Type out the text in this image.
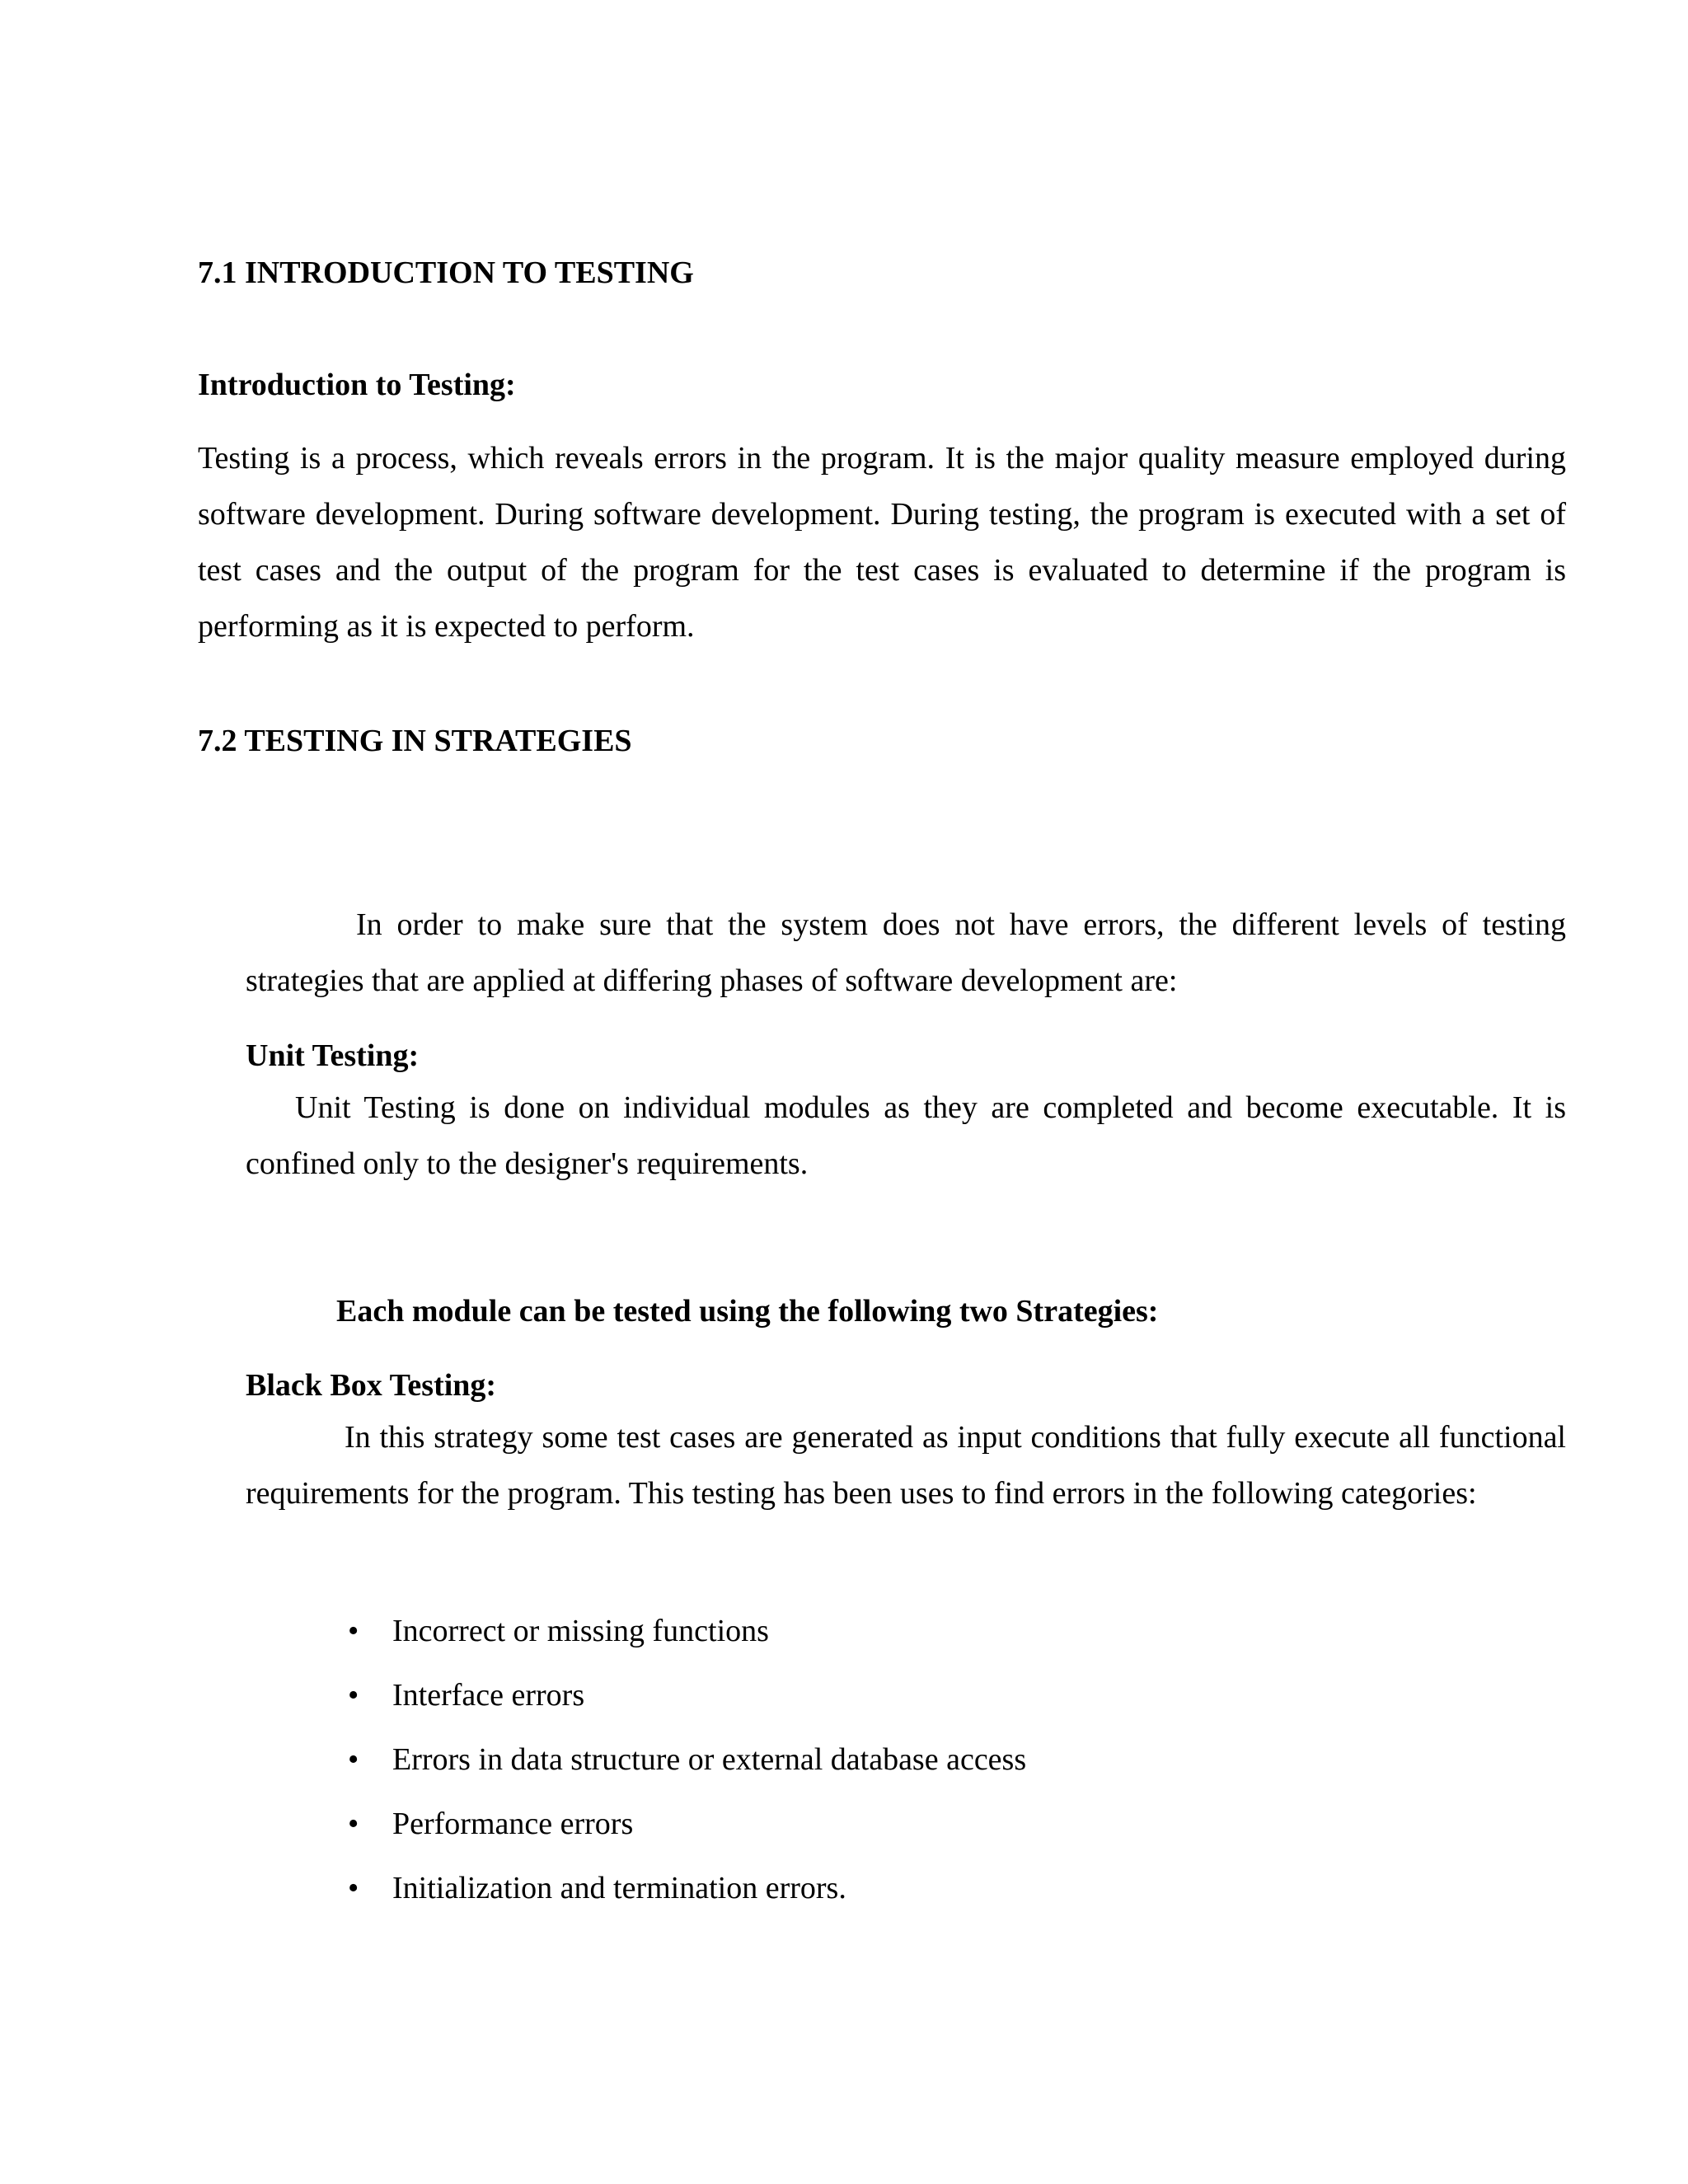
7.1 INTRODUCTION TO TESTING
Introduction to Testing:
Testing is a process, which reveals errors in the program. It is the major quality measure employed during software development. During software development. During testing, the program is executed with a set of test cases and the output of the program for the test cases is evaluated to determine if the program is performing as it is expected to perform.
7.2 TESTING IN STRATEGIES
In order to make sure that the system does not have errors, the different levels of testing strategies that are applied at differing phases of software development are:
Unit Testing:
Unit Testing is done on individual modules as they are completed and become executable. It is confined only to the designer's requirements.
Each module can be tested using the following two Strategies:
Black Box Testing:
In this strategy some test cases are generated as input conditions that fully execute all functional requirements for the program. This testing has been uses to find errors in the following categories:
• Incorrect or missing functions
• Interface errors
• Errors in data structure or external database access
• Performance errors
• Initialization and termination errors.
